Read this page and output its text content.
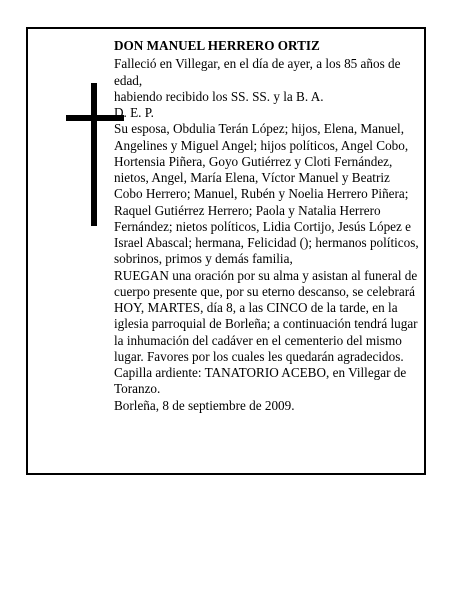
DON MANUEL HERRERO ORTIZ

Falleció en Villegar, en el día de ayer, a los 85 años de edad,

habiendo recibido los SS. SS. y la B. A.

D. E. P.

Su esposa, Obdulia Terán López; hijos, Elena, Manuel, Angelines y Miguel Angel; hijos políticos, Angel Cobo, Hortensia Piñera, Goyo Gutiérrez y Cloti Fernández, nietos, Angel, María Elena, Víctor Manuel y Beatriz Cobo Herrero; Manuel, Rubén y Noelia Herrero Piñera; Raquel Gutiérrez Herrero; Paola y Natalia Herrero Fernández; nietos políticos, Lidia Cortijo, Jesús López e Israel Abascal; hermana, Felicidad (); hermanos políticos, sobrinos, primos y demás familia,

RUEGAN una oración por su alma y asistan al funeral de cuerpo presente que, por su eterno descanso, se celebrará HOY, MARTES, día 8, a las CINCO de la tarde, en la iglesia parroquial de Borleña; a continuación tendrá lugar la inhumación del cadáver en el cementerio del mismo lugar. Favores por los cuales les quedarán agradecidos. Capilla ardiente: TANATORIO ACEBO, en Villegar de Toranzo.

Borleña, 8 de septiembre de 2009.
